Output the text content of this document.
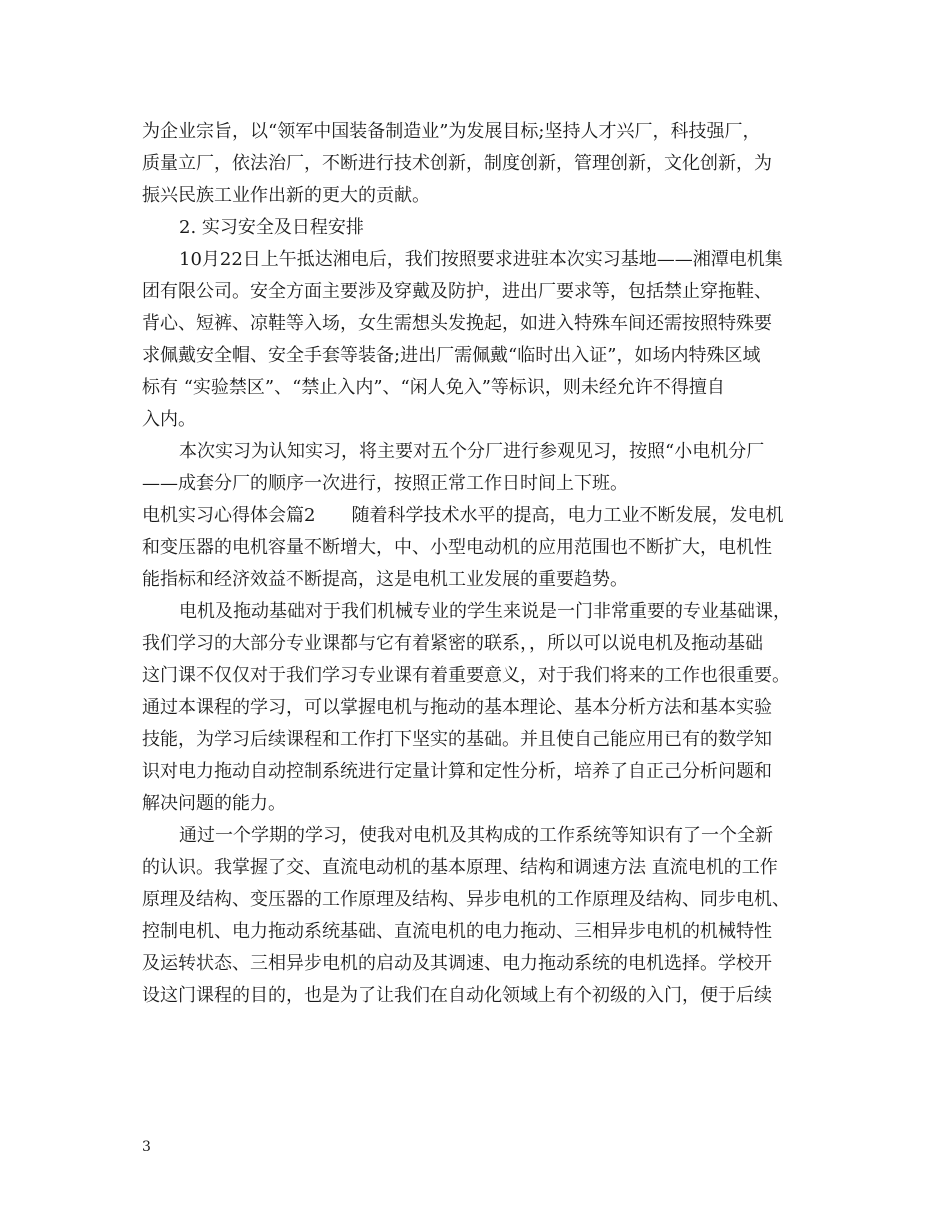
为企业宗旨，以“领军中国装备制造业”为发展目标;坚持人才兴厂，科技强厂，
质量立厂，依法治厂，不断进行技术创新，制度创新，管理创新，文化创新，为
振兴民族工业作出新的更大的贡献。
2. 实习安全及日程安排
10月22日上午抵达湘电后，我们按照要求进驻本次实习基地——湘潭电机集
团有限公司。安全方面主要涉及穿戴及防护，进出厂要求等，包括禁止穿拖鞋、
背心、短裤、凉鞋等入场，女生需想头发挽起，如进入特殊车间还需按照特殊要
求佩戴安全帽、安全手套等装备;进出厂需佩戴“临时出入证”，如场内特殊区域
标有 “实验禁区”、“禁止入内”、“闲人免入”等标识，则未经允许不得擅自
入内。
本次实习为认知实习，将主要对五个分厂进行参观见习，按照“小电机分厂
——成套分厂的顺序一次进行，按照正常工作日时间上下班。
电机实习心得体会篇2　　随着科学技术水平的提高，电力工业不断发展，发电机
和变压器的电机容量不断增大，中、小型电动机的应用范围也不断扩大，电机性
能指标和经济效益不断提高，这是电机工业发展的重要趋势。
电机及拖动基础对于我们机械专业的学生来说是一门非常重要的专业基础课，
我们学习的大部分专业课都与它有着紧密的联系，，所以可以说电机及拖动基础
这门课不仅仅对于我们学习专业课有着重要意义，对于我们将来的工作也很重要。
通过本课程的学习，可以掌握电机与拖动的基本理论、基本分析方法和基本实验
技能，为学习后续课程和工作打下坚实的基础。并且使自己能应用已有的数学知
识对电力拖动自动控制系统进行定量计算和定性分析，培养了自正己分析问题和
解决问题的能力。
通过一个学期的学习，使我对电机及其构成的工作系统等知识有了一个全新
的认识。我掌握了交、直流电动机的基本原理、结构和调速方法 直流电机的工作
原理及结构、变压器的工作原理及结构、异步电机的工作原理及结构、同步电机、
控制电机、电力拖动系统基础、直流电机的电力拖动、三相异步电机的机械特性
及运转状态、三相异步电机的启动及其调速、电力拖动系统的电机选择。学校开
设这门课程的目的，也是为了让我们在自动化领域上有个初级的入门，便于后续
3
